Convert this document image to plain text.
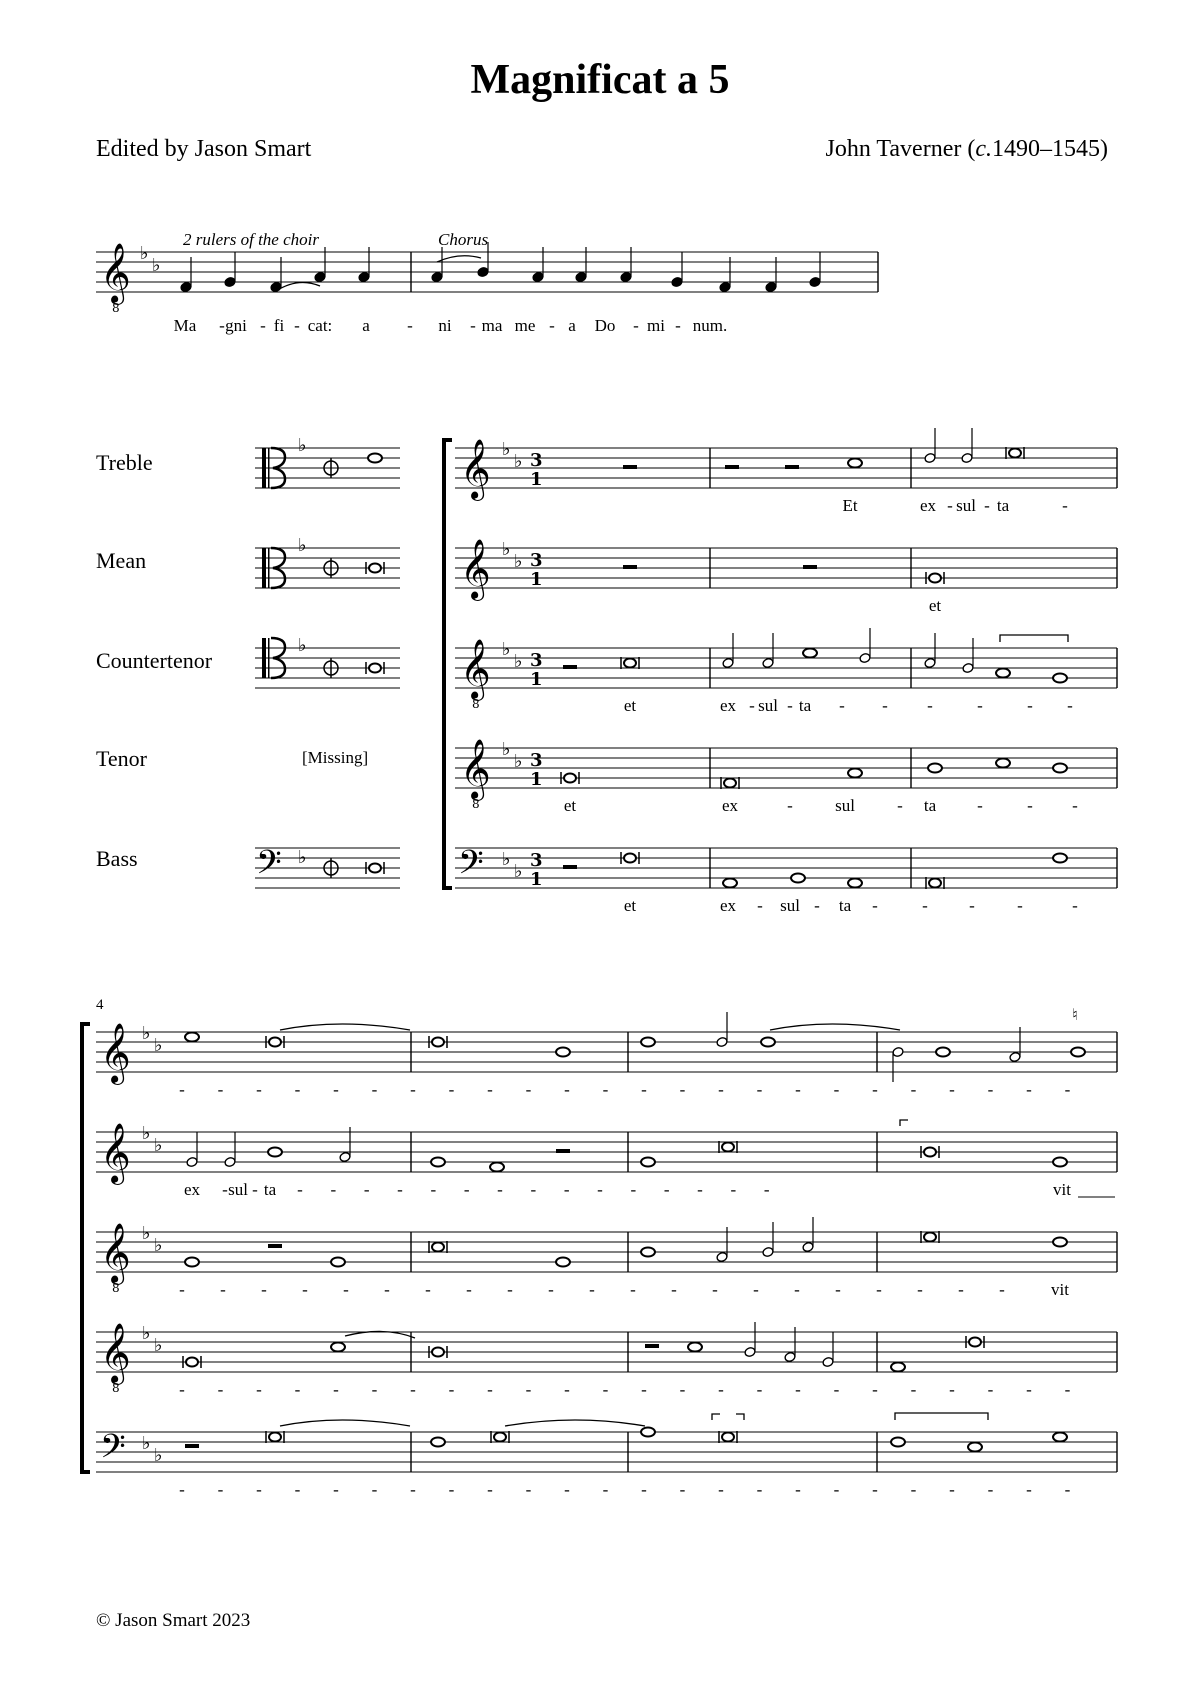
Magnificat a 5
Edited by Jason Smart	John Taverner (c.1490–1545)
2 rulers of the choir	Chorus
Treble
Mean
Countertenor
Tenor
Bass
[Missing]
4
Ma - gni - fi - cat: a - ni - ma me - a Do - mi - num.
Et	ex - sul - ta	-
et
et	ex - sul - ta - - -	-	- -
et	ex	- sul - ta -	- -
et	ex - sul - ta -	- - -	-
- - - - - - - - - - - - - - - - - - - - - - - -
ex - sul - ta - - - - - - - - - - - - - - -	vit
- - - - - - - - - - - - - - - - - - - - -	vit
- - - - - - - - - - - - - - - - - - - - - - - -
- - - - - - - - - - - - - - - - - - - - - - - -
𝄞
8
♭
♭
♭
♭
♭
𝄢 ♭
𝄞 ♭
♭ 3
1
𝄞 ♭
♭ 3
1
𝄞
8
♭
♭ 3
1
𝄞
8
♭
♭ 3
1
𝄢 ♭
♭
3
1
𝄞 ♭
♭
𝄞 ♭
♭
𝄞
8
♭
♭
𝄞
8
♭
♭
𝄢 ♭
♭
♮
© Jason Smart 2023
